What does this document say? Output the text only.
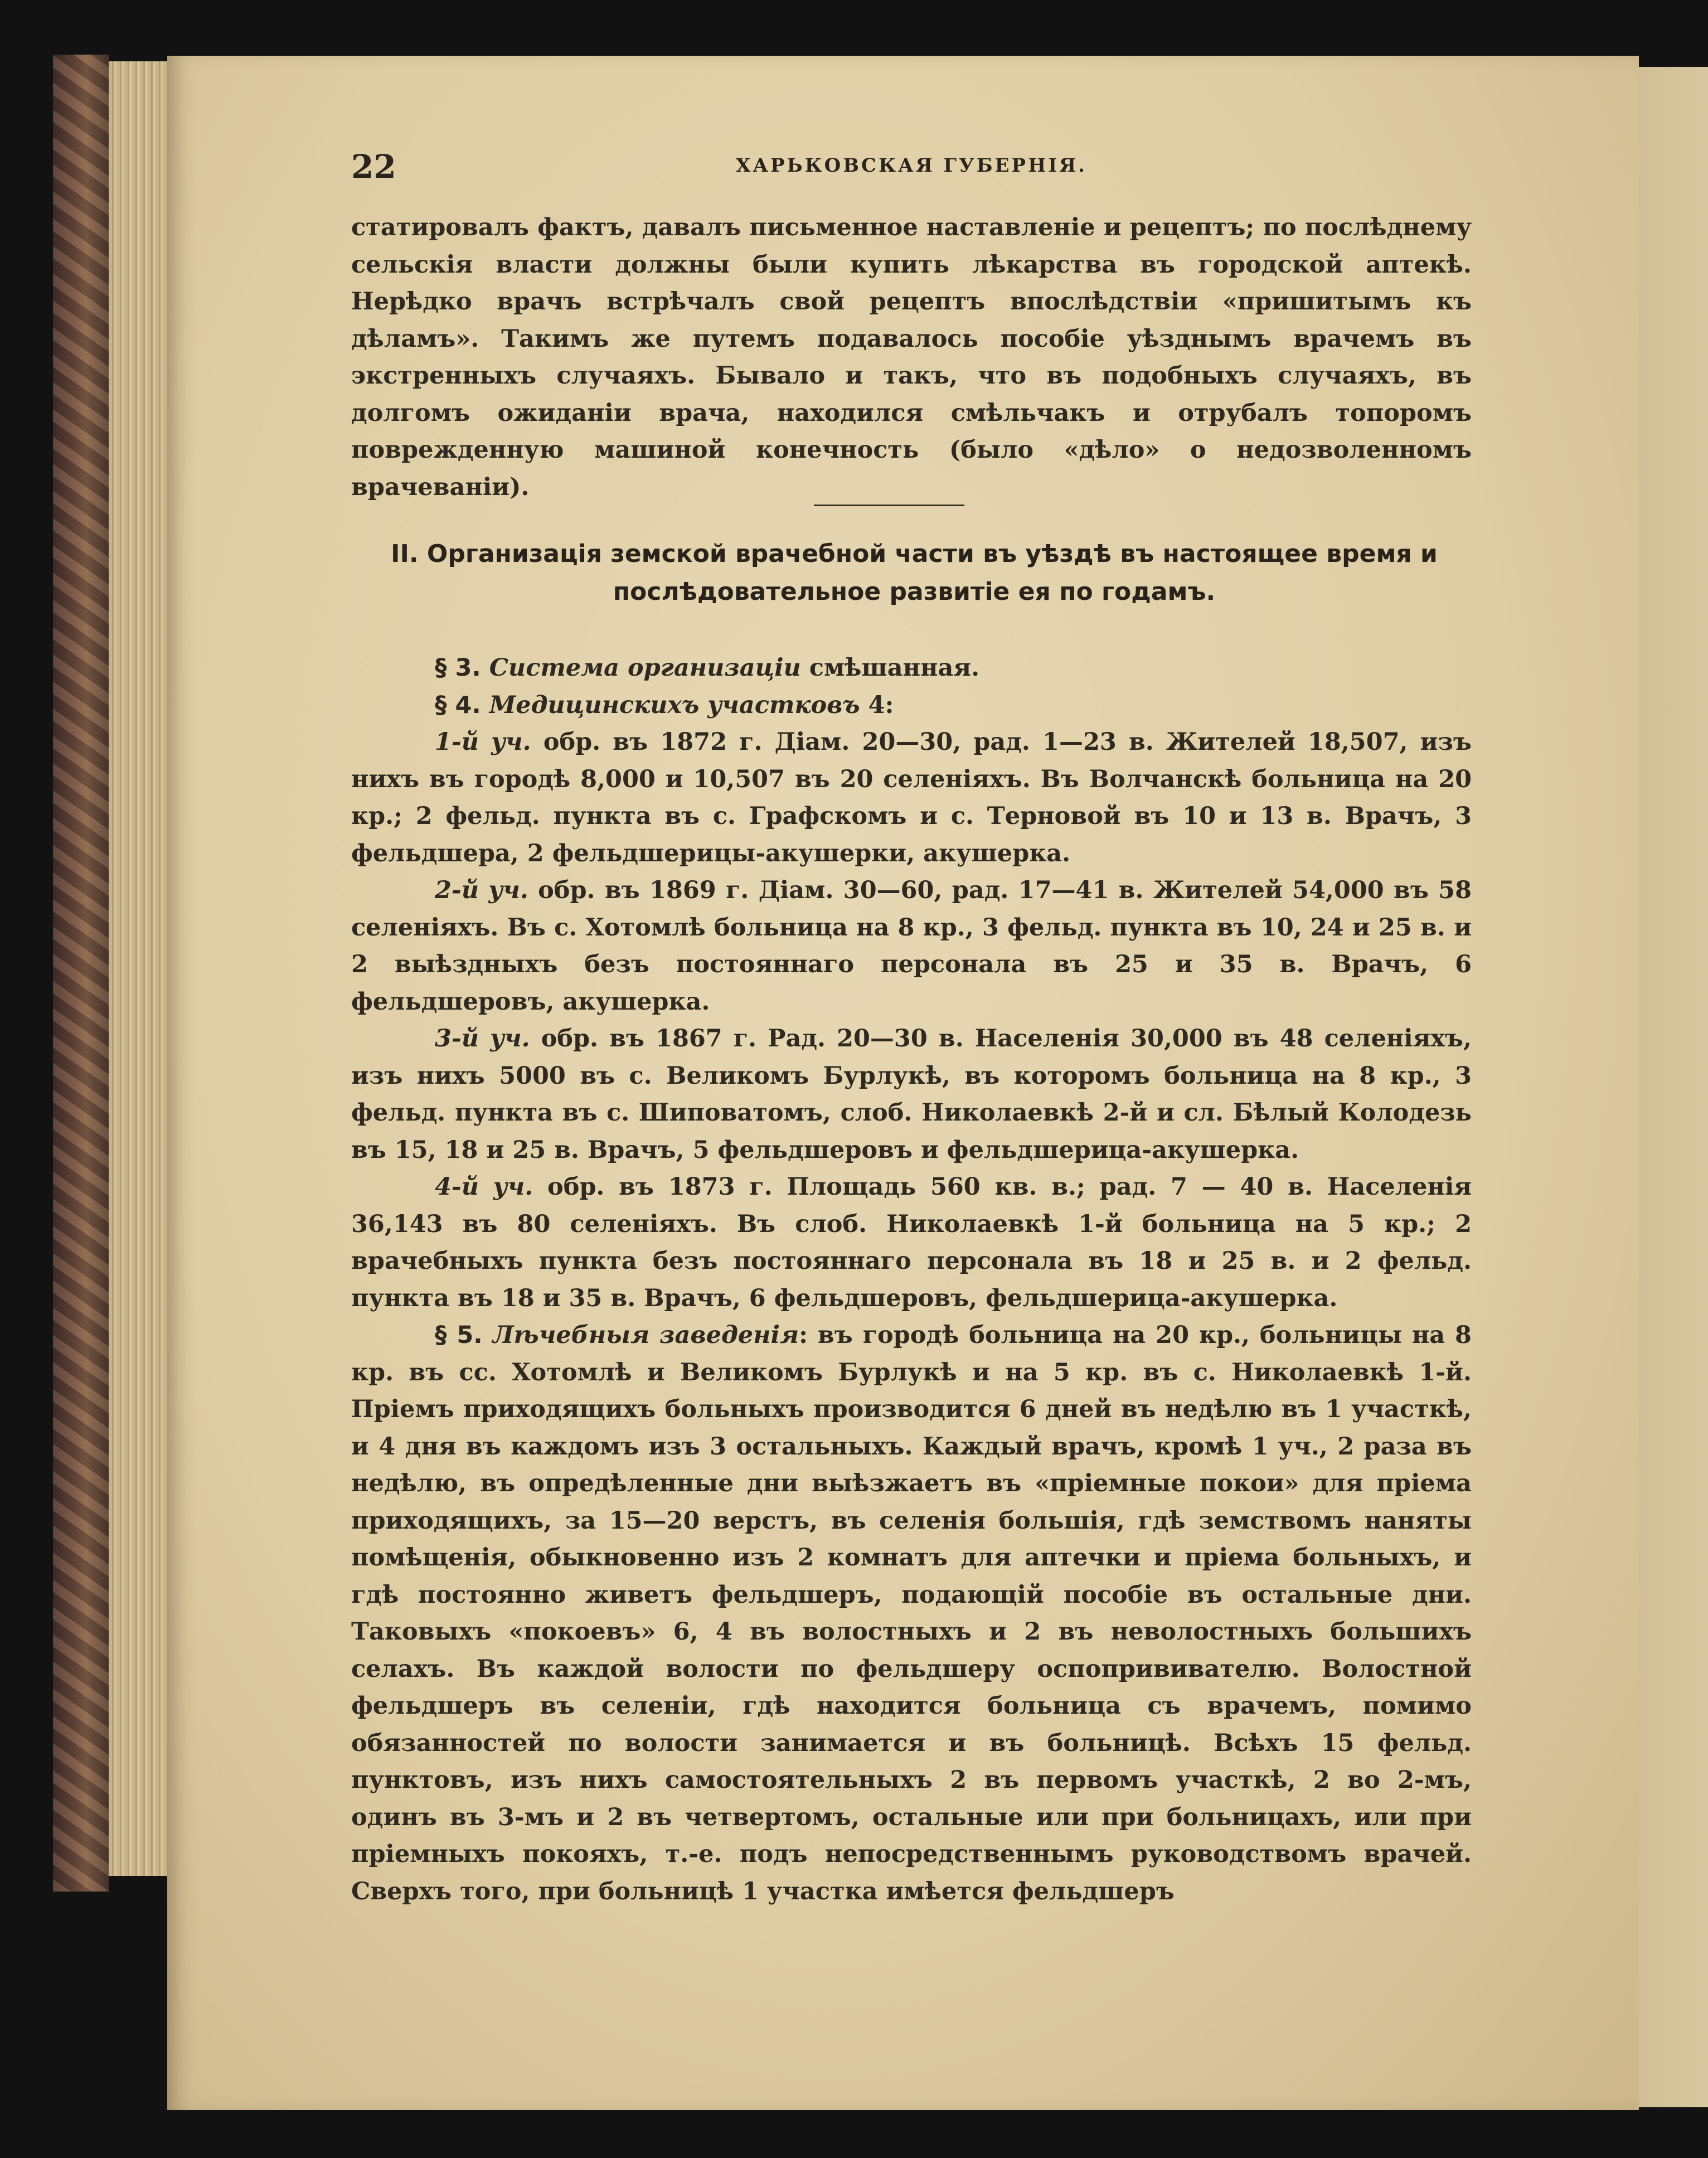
22	ХАРЬКОВСКАЯ ГУБЕРНІЯ.

статировалъ фактъ, давалъ письменное наставленіе и рецептъ; по послѣднему сельскія власти должны были купить лѣкарства въ городской аптекѣ. Нерѣдко врачъ встрѣчалъ свой рецептъ впослѣдствіи «пришитымъ къ дѣламъ». Такимъ же путемъ подавалось пособіе уѣзднымъ врачемъ въ экстренныхъ случаяхъ. Бывало и такъ, что въ подобныхъ случаяхъ, въ долгомъ ожиданіи врача, находился смѣльчакъ и отрубалъ топоромъ поврежденную машиной конечность (было «дѣло» о недозволенномъ врачеваніи).

II. Организація земской врачебной части въ уѣздѣ въ настоящее время и послѣдовательное развитіе ея по годамъ.

§ 3. Система организаціи смѣшанная.

§ 4. Медицинскихъ участковъ 4:

1-й уч. обр. въ 1872 г. Діам. 20—30, рад. 1—23 в. Жителей 18,507, изъ нихъ въ городѣ 8,000 и 10,507 въ 20 селеніяхъ. Въ Волчанскѣ больница на 20 кр.; 2 фельд. пункта въ с. Графскомъ и с. Терновой въ 10 и 13 в. Врачъ, 3 фельдшера, 2 фельдшерицы-акушерки, акушерка.

2-й уч. обр. въ 1869 г. Діам. 30—60, рад. 17—41 в. Жителей 54,000 въ 58 селеніяхъ. Въ с. Хотомлѣ больница на 8 кр., 3 фельд. пункта въ 10, 24 и 25 в. и 2 выѣздныхъ безъ постояннаго персонала въ 25 и 35 в. Врачъ, 6 фельдшеровъ, акушерка.

3-й уч. обр. въ 1867 г. Рад. 20—30 в. Населенія 30,000 въ 48 селеніяхъ, изъ нихъ 5000 въ с. Великомъ Бурлукѣ, въ которомъ больница на 8 кр., 3 фельд. пункта въ с. Шиповатомъ, слоб. Николаевкѣ 2-й и сл. Бѣлый Колодезь въ 15, 18 и 25 в. Врачъ, 5 фельдшеровъ и фельдшерица-акушерка.

4-й уч. обр. въ 1873 г. Площадь 560 кв. в.; рад. 7 — 40 в. Населенія 36,143 въ 80 селеніяхъ. Въ слоб. Николаевкѣ 1-й больница на 5 кр.; 2 врачебныхъ пункта безъ постояннаго персонала въ 18 и 25 в. и 2 фельд. пункта въ 18 и 35 в. Врачъ, 6 фельдшеровъ, фельдшерица-акушерка.

§ 5. Лѣчебныя заведенія: въ городѣ больница на 20 кр., больницы на 8 кр. въ сс. Хотомлѣ и Великомъ Бурлукѣ и на 5 кр. въ с. Николаевкѣ 1-й. Пріемъ приходящихъ больныхъ производится 6 дней въ недѣлю въ 1 участкѣ, и 4 дня въ каждомъ изъ 3 остальныхъ. Каждый врачъ, кромѣ 1 уч., 2 раза въ недѣлю, въ опредѣленные дни выѣзжаетъ въ «пріемные покои» для пріема приходящихъ, за 15—20 верстъ, въ селенія большія, гдѣ земствомъ наняты помѣщенія, обыкновенно изъ 2 комнатъ для аптечки и пріема больныхъ, и гдѣ постоянно живетъ фельдшеръ, подающій пособіе въ остальные дни. Таковыхъ «покоевъ» 6, 4 въ волостныхъ и 2 въ неволостныхъ большихъ селахъ. Въ каждой волости по фельдшеру оспопрививателю. Волостной фельдшеръ въ селеніи, гдѣ находится больница съ врачемъ, помимо обязанностей по волости занимается и въ больницѣ. Всѣхъ 15 фельд. пунктовъ, изъ нихъ самостоятельныхъ 2 въ первомъ участкѣ, 2 во 2-мъ, одинъ въ 3-мъ и 2 въ четвертомъ, остальные или при больницахъ, или при пріемныхъ покояхъ, т.-е. подъ непосредственнымъ руководствомъ врачей. Сверхъ того, при больницѣ 1 участка имѣется фельдшеръ
